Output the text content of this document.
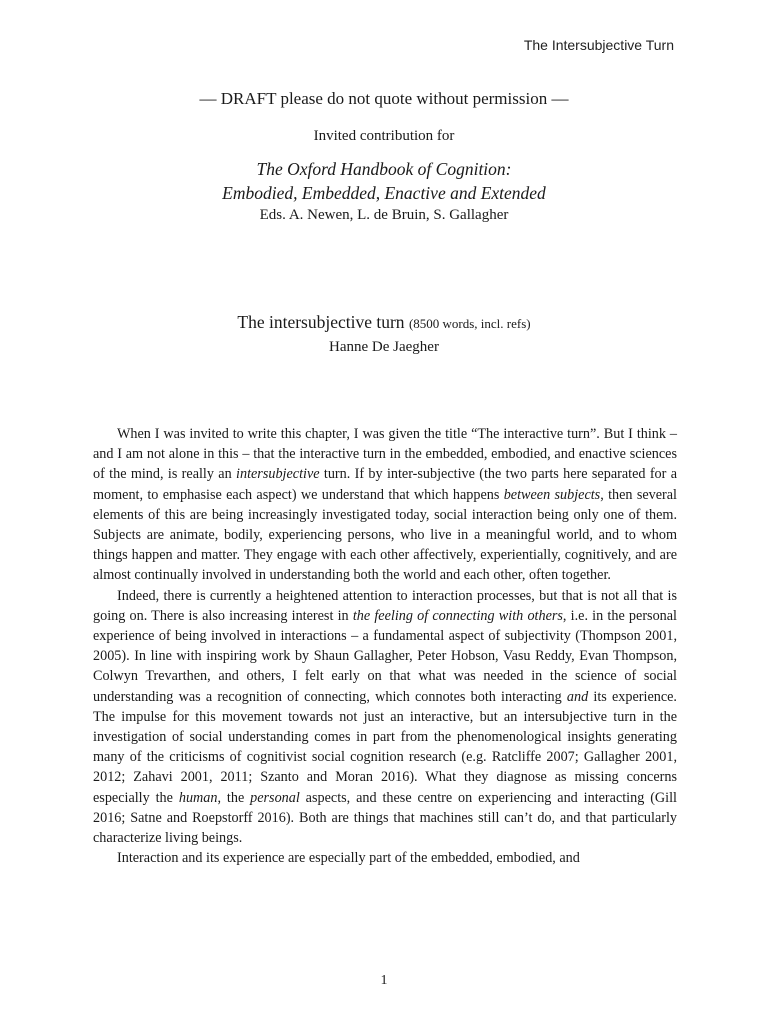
The Intersubjective Turn
— DRAFT please do not quote without permission —
Invited contribution for
The Oxford Handbook of Cognition:
Embodied, Embedded, Enactive and Extended
Eds. A. Newen, L. de Bruin, S. Gallagher
The intersubjective turn (8500 words, incl. refs)
Hanne De Jaegher

When I was invited to write this chapter, I was given the title “The interactive turn”. But I think – and I am not alone in this – that the interactive turn in the embedded, embodied, and enactive sciences of the mind, is really an intersubjective turn. If by inter-subjective (the two parts here separated for a moment, to emphasise each aspect) we understand that which happens between subjects, then several elements of this are being increasingly investigated today, social interaction being only one of them. Subjects are animate, bodily, experiencing persons, who live in a meaningful world, and to whom things happen and matter. They engage with each other affectively, experientially, cognitively, and are almost continually involved in understanding both the world and each other, often together.

Indeed, there is currently a heightened attention to interaction processes, but that is not all that is going on. There is also increasing interest in the feeling of connecting with others, i.e. in the personal experience of being involved in interactions – a fundamental aspect of subjectivity (Thompson 2001, 2005). In line with inspiring work by Shaun Gallagher, Peter Hobson, Vasu Reddy, Evan Thompson, Colwyn Trevarthen, and others, I felt early on that what was needed in the science of social understanding was a recognition of connecting, which connotes both interacting and its experience. The impulse for this movement towards not just an interactive, but an intersubjective turn in the investigation of social understanding comes in part from the phenomenological insights generating many of the criticisms of cognitivist social cognition research (e.g. Ratcliffe 2007; Gallagher 2001, 2012; Zahavi 2001, 2011; Szanto and Moran 2016). What they diagnose as missing concerns especially the human, the personal aspects, and these centre on experiencing and interacting (Gill 2016; Satne and Roepstorff 2016). Both are things that machines still can’t do, and that particularly characterize living beings.

Interaction and its experience are especially part of the embedded, embodied, and

1
